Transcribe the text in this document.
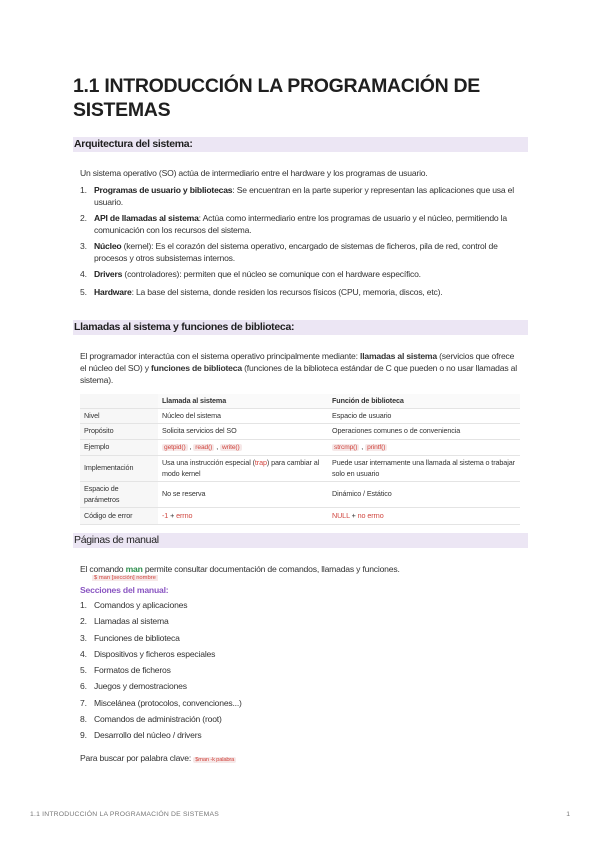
1.1 INTRODUCCIÓN LA PROGRAMACIÓN DE SISTEMAS
Arquitectura del sistema:
Un sistema operativo (SO) actúa de intermediario entre el hardware y los programas de usuario.
1. Programas de usuario y bibliotecas: Se encuentran en la parte superior y representan las aplicaciones que usa el usuario.
2. API de llamadas al sistema: Actúa como intermediario entre los programas de usuario y el núcleo, permitiendo la comunicación con los recursos del sistema.
3. Núcleo (kernel): Es el corazón del sistema operativo, encargado de sistemas de ficheros, pila de red, control de procesos y otros subsistemas internos.
4. Drivers (controladores): permiten que el núcleo se comunique con el hardware específico.
5. Hardware: La base del sistema, donde residen los recursos físicos (CPU, memoria, discos, etc).
Llamadas al sistema y funciones de biblioteca:
El programador interactúa con el sistema operativo principalmente mediante: llamadas al sistema (servicios que ofrece el núcleo del SO) y funciones de biblioteca (funciones de la biblioteca estándar de C que pueden o no usar llamadas al sistema).
	Llamada al sistema	Función de biblioteca
Nivel	Núcleo del sistema	Espacio de usuario
Propósito	Solicita servicios del SO	Operaciones comunes o de conveniencia
Ejemplo	getpid() , read() , write()	strcmp() , printf()
Implementación	Usa una instrucción especial (trap) para cambiar al modo kernel	Puede usar internamente una llamada al sistema o trabajar solo en usuario
Espacio de parámetros	No se reserva	Dinámico / Estático
Código de error	-1 + errno	NULL + no errno
Páginas de manual
El comando man permite consultar documentación de comandos, llamadas y funciones.
$ man [sección] nombre
Secciones del manual:
1. Comandos y aplicaciones
2. Llamadas al sistema
3. Funciones de biblioteca
4. Dispositivos y ficheros especiales
5. Formatos de ficheros
6. Juegos y demostraciones
7. Miscelánea (protocolos, convenciones...)
8. Comandos de administración (root)
9. Desarrollo del núcleo / drivers
Para buscar por palabra clave: $man -k palabra
1.1 INTRODUCCIÓN LA PROGRAMACIÓN DE SISTEMAS	1
